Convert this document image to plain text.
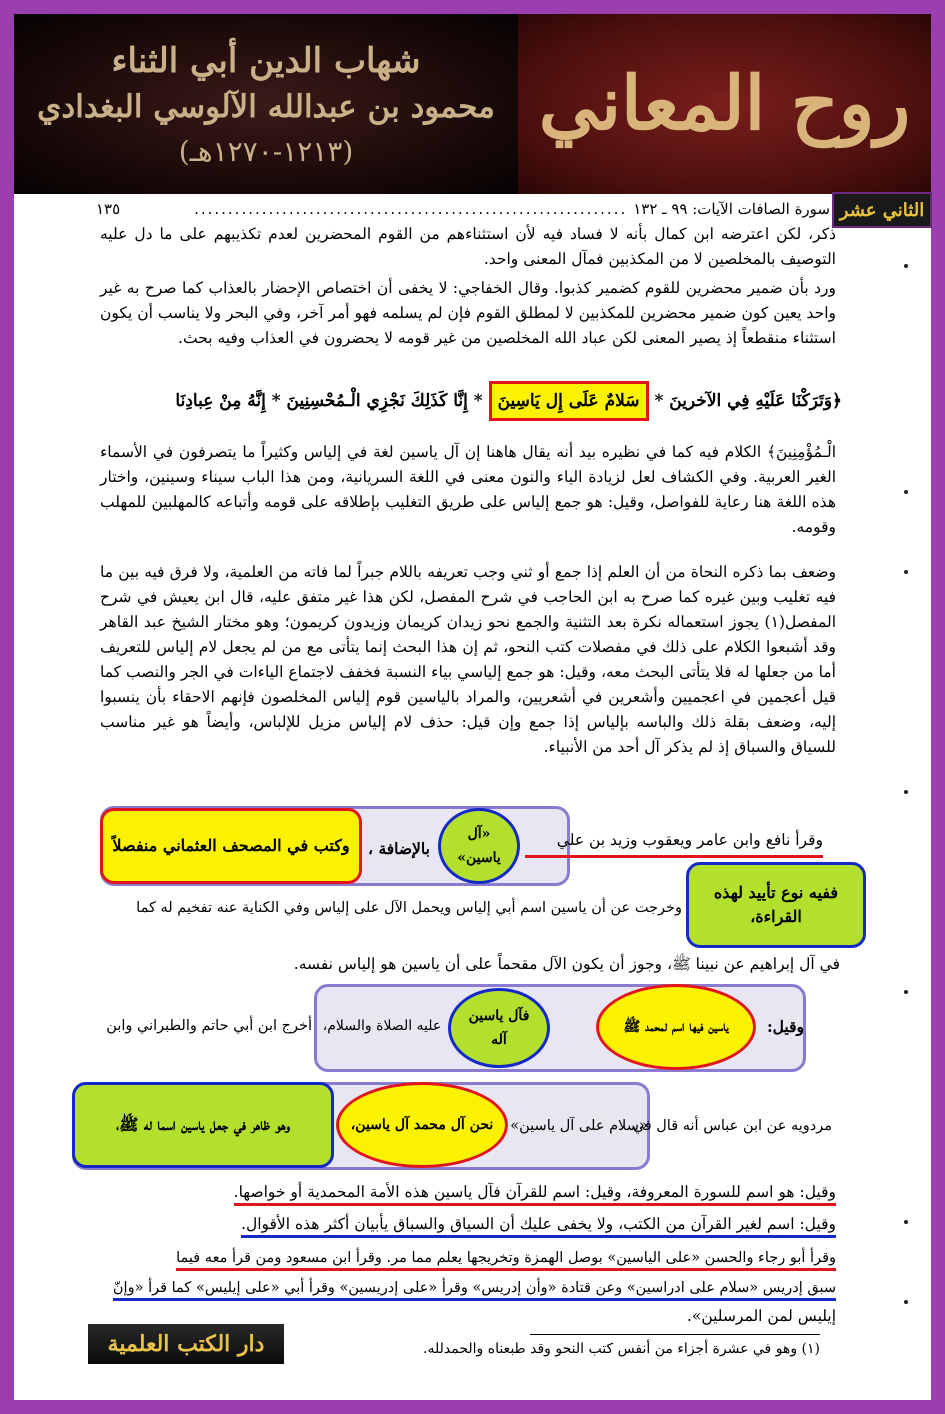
شهاب الدين أبي الثناء
محمود بن عبدالله الآلوسي البغدادي
(١٢١٣-١٢٧٠هـ)
روح المعاني
الثاني عشر
سورة الصافات الآيات: ٩٩ ـ ١٣٢
................................................................
١٣٥
ذكر، لكن اعترضه ابن كمال بأنه لا فساد فيه لأن استثناءهم من القوم المحضرين لعدم تكذيبهم على ما دل عليه التوصيف بالمخلصين لا من المكذبين فمآل المعنى واحد.
ورد بأن ضمير محضرين للقوم كضمير كذبوا. وقال الخفاجي: لا يخفى أن اختصاص الإحضار بالعذاب كما صرح به غير واحد يعين كون ضمير محضرين للمكذبين لا لمطلق القوم فإن لم يسلمه فهو أمر آخر، وفي البحر ولا يناسب أن يكون استثناء منقطعاً إذ يصير المعنى لكن عباد الله المخلصين من غير قومه لا يحضرون في العذاب وفيه بحث.
﴿وَتَرَكْنَا عَلَيْهِ فِي الآخرينَ * سَلامٌ عَلَى إِل يَاسِينَ * إِنَّا كَذَلِكَ نَجْزِي الْـمُحْسِنِينَ * إِنَّهُ مِنْ عِبادِنَا
الْـمُؤْمِنِينَ﴾ الكلام فيه كما في نظيره بيد أنه يقال هاهنا إن آل ياسين لغة في إلياس وكثيراً ما يتصرفون في الأسماء الغير العربية. وفي الكشاف لعل لزيادة الياء والنون معنى في اللغة السريانية، ومن هذا الباب سيناء وسينين، واختار هذه اللغة هنا رعاية للفواصل، وقيل: هو جمع إلياس على طريق التغليب بإطلاقه على قومه وأتباعه كالمهلبين للمهلب وقومه.
وضعف بما ذكره النحاة من أن العلم إذا جمع أو ثني وجب تعريفه باللام جبراً لما فاته من العلمية، ولا فرق فيه بين ما فيه تغليب وبين غيره كما صرح به ابن الحاجب في شرح المفصل، لكن هذا غير متفق عليه، قال ابن يعيش في شرح المفصل(١) يجوز استعماله نكرة بعد التثنية والجمع نحو زيدان كريمان وزيدون كريمون؛ وهو مختار الشيخ عبد القاهر وقد أشبعوا الكلام على ذلك في مفصلات كتب النحو، ثم إن هذا البحث إنما يتأتى مع من لم يجعل لام إلياس للتعريف أما من جعلها له فلا يتأتى البحث معه، وقيل: هو جمع إلياسي بياء النسبة فخفف لاجتماع الياءات في الجر والنصب كما قيل أعجمين في اعجميين وأشعرين في أشعريين، والمراد بالياسين قوم إلياس المخلصون فإنهم الاحقاء بأن ينسبوا إليه، وضعف بقلة ذلك والباسه بإلياس إذا جمع وإن قيل: حذف لام إلياس مزيل للإلباس، وأيضاً هو غير مناسب للسياق والسباق إذ لم يذكر آل أحد من الأنبياء.
وقرأ نافع وابن عامر ويعقوب وزيد بن علي
«آل ياسين»
بالإضافة ،
وكتب في المصحف العثماني منفصلاً
ففيه نوع تأييد لهذه القراءة،
وخرجت عن أن ياسين اسم أبي إلياس ويحمل الآل على إلياس وفي الكناية عنه تفخيم له كما
في آل إبراهيم عن نبينا ﷺ، وجوز أن يكون الآل مقحماً على أن ياسين هو إلياس نفسه.
وقيل:
ياسين فيها اسم لمحمد ﷺ
فآل ياسين آله
عليه الصلاة والسلام،
أخرج ابن أبي حاتم والطبراني وابن
مردويه عن ابن عباس أنه قال في
«سلام على آل ياسين»
نحن آل محمد آل ياسين،
وهو ظاهر في جعل ياسين اسما له ﷺ،
وقيل: هو اسم للسورة المعروفة، وقيل: اسم للقرآن فآل ياسين هذه الأمة المحمدية أو خواصها.
وقيل: اسم لغير القرآن من الكتب، ولا يخفى عليك أن السياق والسباق يأبيان أكثر هذه الأقوال.
وقرأ أبو رجاء والحسن «على الياسين» بوصل الهمزة وتخريجها يعلم مما مر. وقرأ ابن مسعود ومن قرأ معه فيما
سبق إدريس «سلام على ادراسين» وعن قتادة «وأن إدريس» وقرأ «على إدريسين» وقرأ أبي «على إيليس» كما قرأ «وإنّ
إيليس لمن المرسلين».
دار الكتب العلمية	(١) وهو في عشرة أجزاء من أنفس كتب النحو وقد طبعناه والحمدلله.
